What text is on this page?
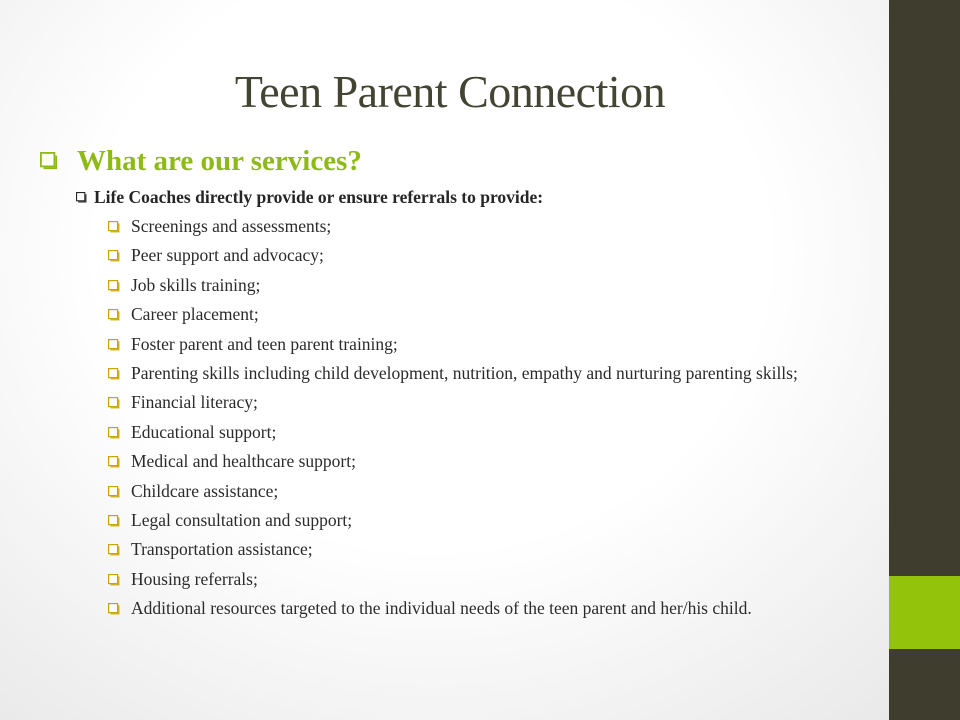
Teen Parent Connection
What are our services?
Life Coaches directly provide or ensure referrals to provide:
Screenings and assessments;
Peer support and advocacy;
Job skills training;
Career placement;
Foster parent and teen parent training;
Parenting skills including child development, nutrition, empathy and nurturing parenting skills;
Financial literacy;
Educational support;
Medical and healthcare support;
Childcare assistance;
Legal consultation and support;
Transportation assistance;
Housing referrals;
Additional resources targeted to the individual needs of the teen parent and her/his child.
